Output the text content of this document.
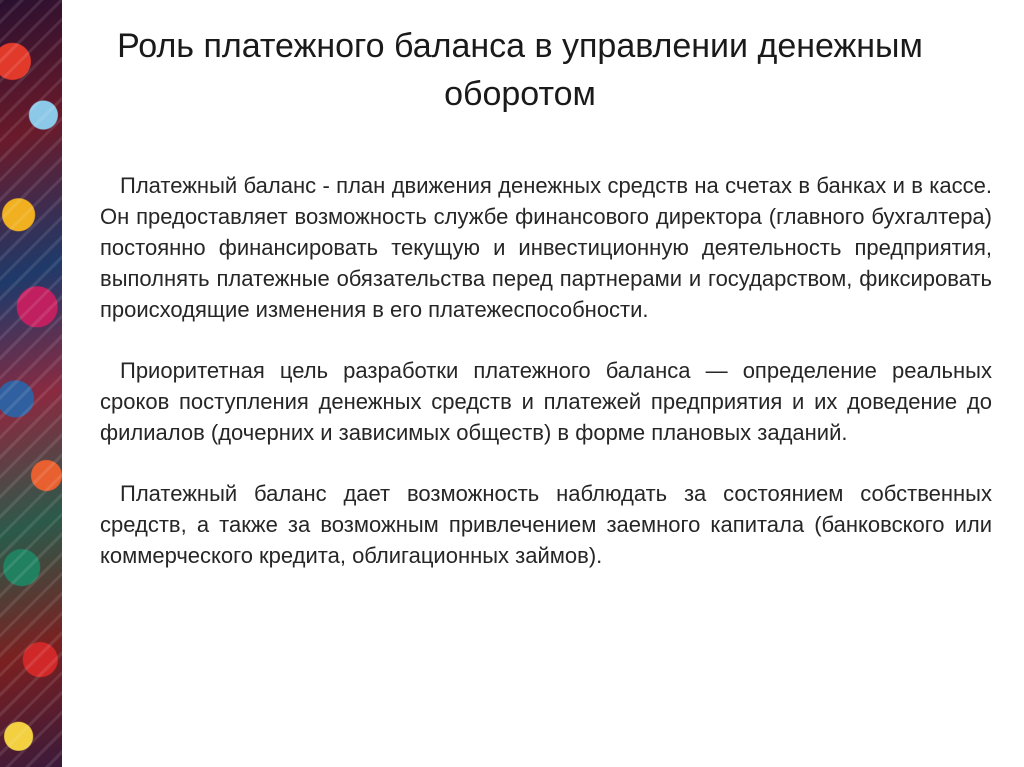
Роль платежного баланса в управлении денежным оборотом

Платежный баланс - план движения денежных средств на счетах в банках и в кассе. Он предоставляет возможность службе финансового директора (главного бухгалтера) постоянно финансировать текущую и инвестиционную деятельность предприятия, выполнять платежные обязательства перед партнерами и государством, фиксировать происходящие изменения в его платежеспособности.

Приоритетная цель разработки платежного баланса — определение реальных сроков поступления денежных средств и платежей предприятия и их доведение до филиалов (дочерних и зависимых обществ) в форме плановых заданий.

Платежный баланс дает возможность наблюдать за состоянием собственных средств, а также за возможным привлечением заемного капитала (банковского или коммерческого кредита, облигационных займов).
